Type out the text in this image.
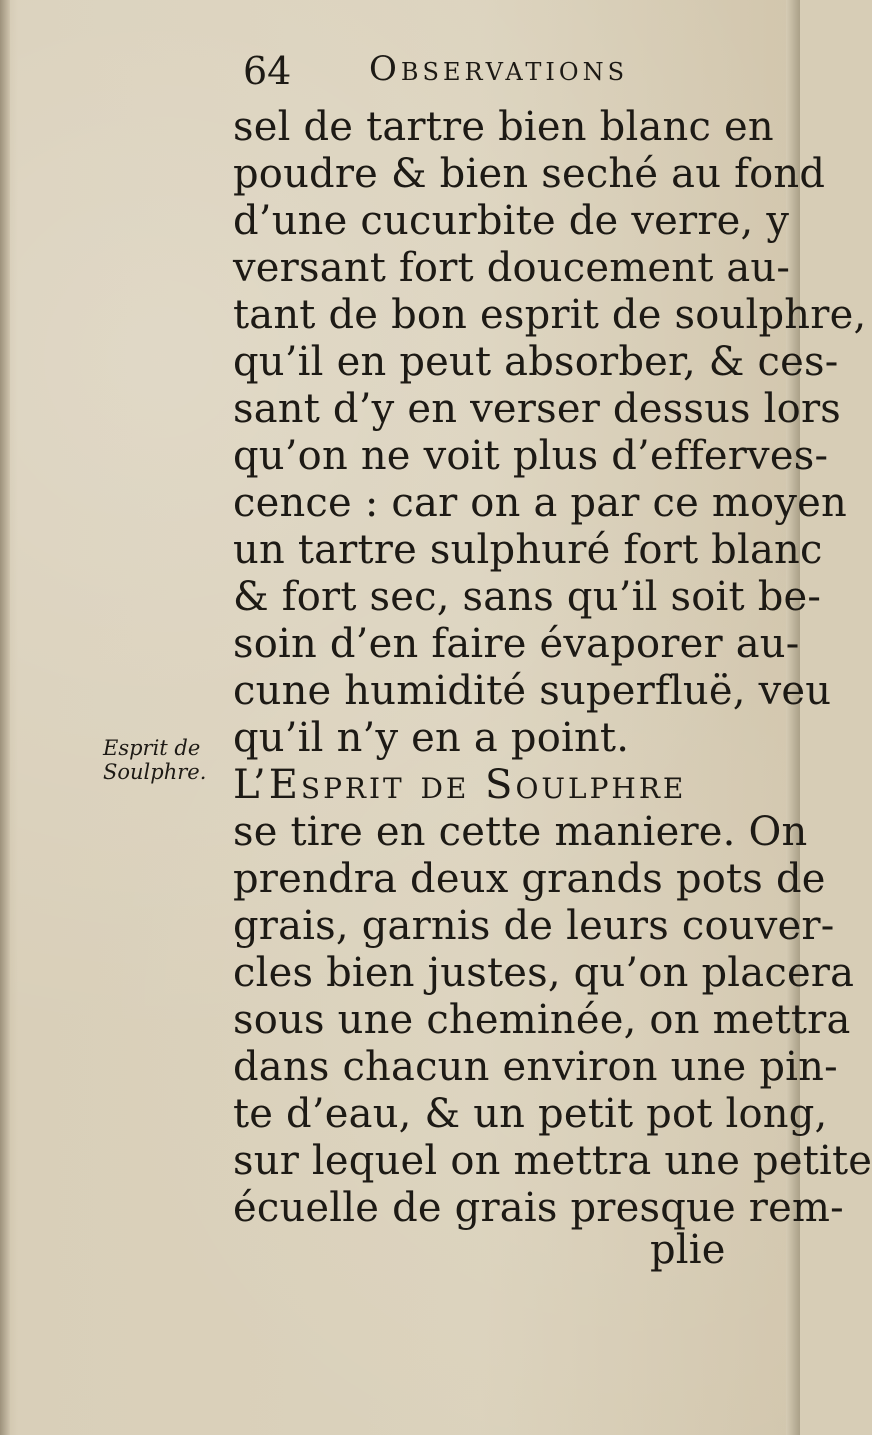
64 Observations
Esprit de
Soulphre.
sel de tartre bien blanc en
poudre & bien seché au fond
d’une cucurbite de verre, y
versant fort doucement au-
tant de bon esprit de soulphre,
qu’il en peut absorber, & ces-
sant d’y en verser dessus lors
qu’on ne voit plus d’efferves-
cence : car on a par ce moyen
un tartre sulphuré fort blanc
& fort sec, sans qu’il soit be-
soin d’en faire évaporer au-
cune humidité superfluë, veu
qu’il n’y en a point.
L’Esprit de Soulphre
se tire en cette maniere. On
prendra deux grands pots de
grais, garnis de leurs couver-
cles bien justes, qu’on placera
sous une cheminée, on mettra
dans chacun environ une pin-
te d’eau, & un petit pot long,
sur lequel on mettra une petite
écuelle de grais presque rem-
plie
